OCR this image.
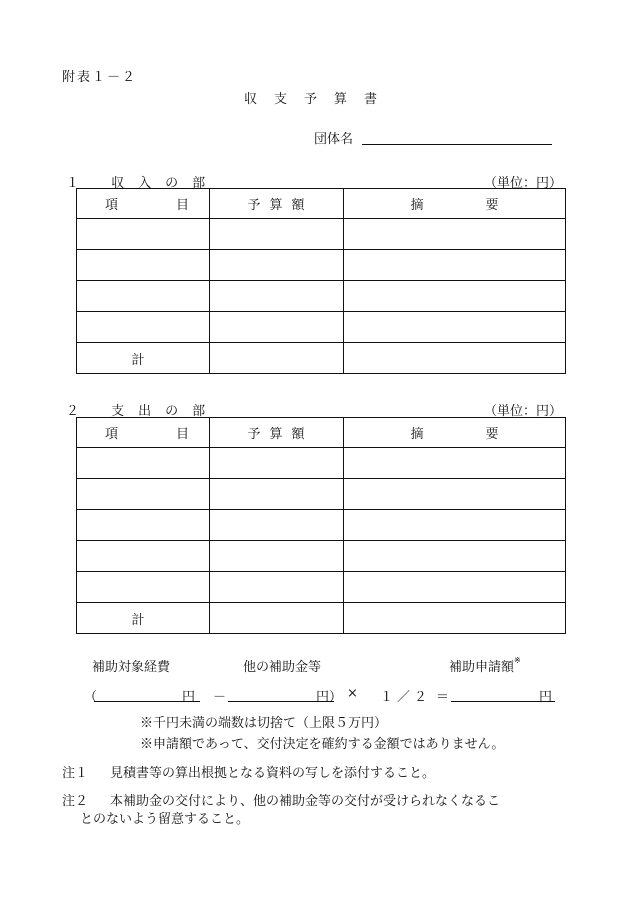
附表１－２
収支予算書
団体名
１ 収入の部	（単位：円）
項 目	予算額	摘 要

計		
２ 支出の部	（単位：円）
項 目	予算額	摘 要

計		
補助対象経費	他の補助金等	補助申請額※
（	円 －	円 ） × １／２ ＝	円
※千円未満の端数は切捨て（上限５万円）
※申請額であって、交付決定を確約する金額ではありません。
注１ 見積書等の算出根拠となる資料の写しを添付すること。
注２ 本補助金の交付により、他の補助金等の交付が受けられなくなるこ
とのないよう留意すること。
